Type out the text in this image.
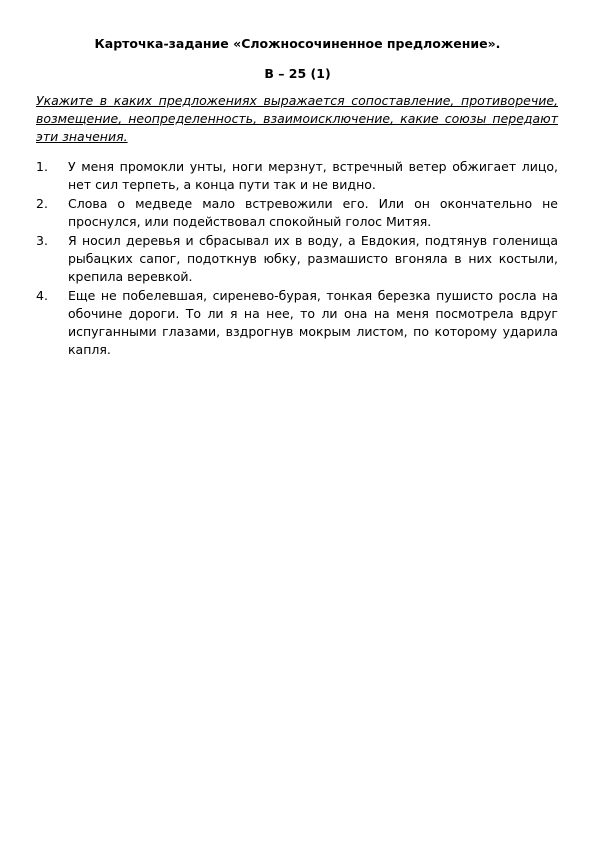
Карточка-задание «Сложносочиненное предложение».

В – 25 (1)

Укажите в каких предложениях выражается сопоставление, противоречие, возмещение, неопределенность, взаимоисключение, какие союзы передают эти значения.

1.	У меня промокли унты, ноги мерзнут, встречный ветер обжигает лицо, нет сил терпеть, а конца пути так и не видно.
2.	Слова о медведе мало встревожили его. Или он окончательно не проснулся, или подействовал спокойный голос Митяя.
3.	Я носил деревья и сбрасывал их в воду, а Евдокия, подтянув голенища рыбацких сапог, подоткнув юбку, размашисто вгоняла в них костыли, крепила веревкой.
4.	Еще не побелевшая, сиренево-бурая, тонкая березка пушисто росла на обочине дороги. То ли я на нее, то ли она на меня посмотрела вдруг испуганными глазами, вздрогнув мокрым листом, по которому ударила капля.
